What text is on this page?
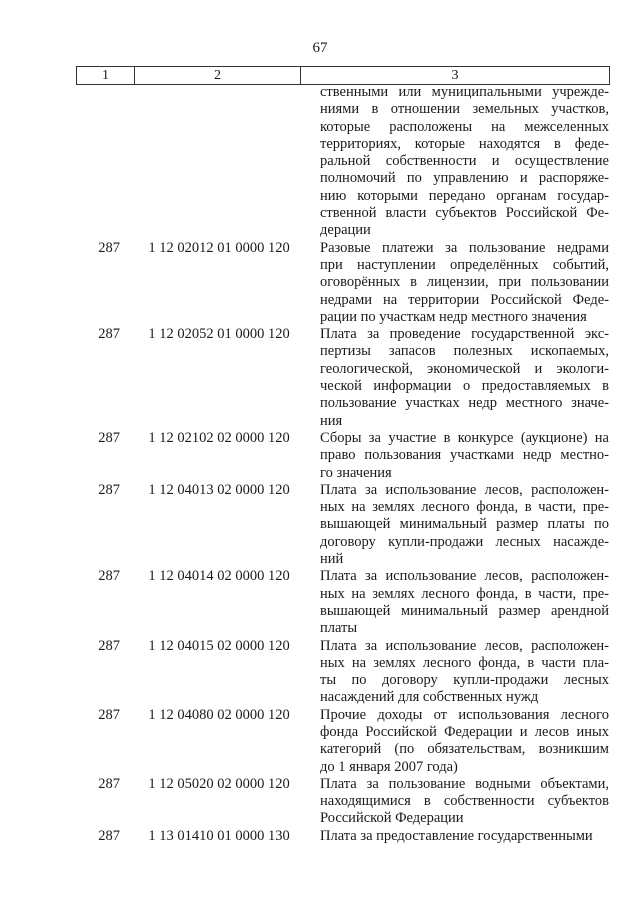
67
1	2	3
ственными или муниципальными учрежде-
ниями в отношении земельных участков,
которые расположены на межселенных
территориях, которые находятся в феде-
ральной собственности и осуществление
полномочий по управлению и распоряже-
нию которыми передано органам государ-
ственной власти субъектов Российской Фе-
дерации
287	1 12 02012 01 0000 120	Разовые платежи за пользование недрами
при наступлении определённых событий,
оговорённых в лицензии, при пользовании
недрами на территории Российской Феде-
рации по участкам недр местного значения
287	1 12 02052 01 0000 120	Плата за проведение государственной экс-
пертизы запасов полезных ископаемых,
геологической, экономической и экологи-
ческой информации о предоставляемых в
пользование участках недр местного значе-
ния
287	1 12 02102 02 0000 120	Сборы за участие в конкурсе (аукционе) на
право пользования участками недр местно-
го значения
287	1 12 04013 02 0000 120	Плата за использование лесов, расположен-
ных на землях лесного фонда, в части, пре-
вышающей минимальный размер платы по
договору купли-продажи лесных насажде-
ний
287	1 12 04014 02 0000 120	Плата за использование лесов, расположен-
ных на землях лесного фонда, в части, пре-
вышающей минимальный размер арендной
платы
287	1 12 04015 02 0000 120	Плата за использование лесов, расположен-
ных на землях лесного фонда, в части пла-
ты по договору купли-продажи лесных
насаждений для собственных нужд
287	1 12 04080 02 0000 120	Прочие доходы от использования лесного
фонда Российской Федерации и лесов иных
категорий (по обязательствам, возникшим
до 1 января 2007 года)
287	1 12 05020 02 0000 120	Плата за пользование водными объектами,
находящимися в собственности субъектов
Российской Федерации
287	1 13 01410 01 0000 130	Плата за предоставление государственными
